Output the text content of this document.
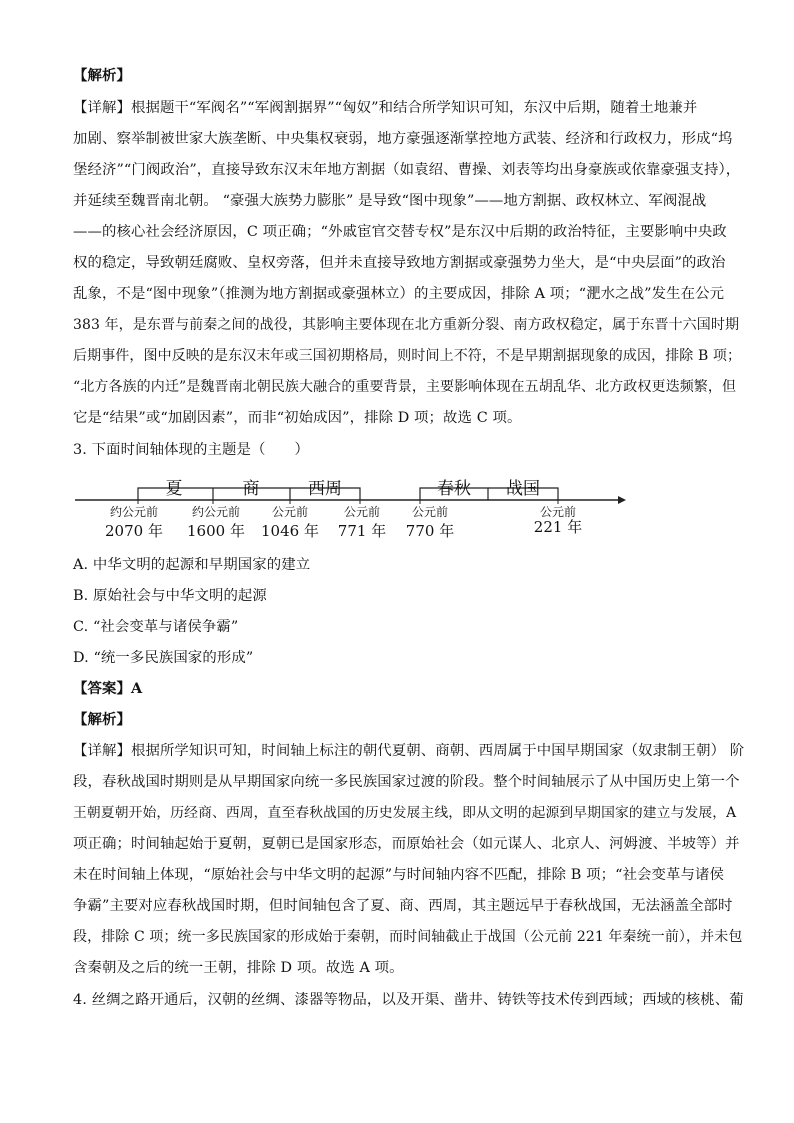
【解析】
【详解】根据题干“军阀名”“军阀割据界”“匈奴”和结合所学知识可知，东汉中后期，随着土地兼并
加剧、察举制被世家大族垄断、中央集权衰弱，地方豪强逐渐掌控地方武装、经济和行政权力，形成“坞
堡经济”“门阀政治”，直接导致东汉末年地方割据（如袁绍、曹操、刘表等均出身豪族或依靠豪强支持），
并延续至魏晋南北朝。 “豪强大族势力膨胀” 是导致“图中现象”——地方割据、政权林立、军阀混战
——的核心社会经济原因，C 项正确；“外戚宦官交替专权”是东汉中后期的政治特征，主要影响中央政
权的稳定，导致朝廷腐败、皇权旁落，但并未直接导致地方割据或豪强势力坐大，是“中央层面”的政治
乱象，不是“图中现象”（推测为地方割据或豪强林立）的主要成因，排除 A 项；“淝水之战”发生在公元
383 年，是东晋与前秦之间的战役，其影响主要体现在北方重新分裂、南方政权稳定，属于东晋十六国时期
后期事件，图中反映的是东汉末年或三国初期格局，则时间上不符，不是早期割据现象的成因，排除 B 项；
“北方各族的内迁”是魏晋南北朝民族大融合的重要背景，主要影响体现在五胡乱华、北方政权更迭频繁，但
它是“结果”或“加剧因素”，而非“初始成因”，排除 D 项；故选 C 项。
3. 下面时间轴体现的主题是（　　）
夏	商	西周	春秋 战国
约公元前
2070 年
约公元前
1600 年
公元前
1046 年
公元前
771 年
公元前
770 年
公元前
221 年
A. 中华文明的起源和早期国家的建立
B. 原始社会与中华文明的起源
C. “社会变革与诸侯争霸”
D. “统一多民族国家的形成”
【答案】A
【解析】
【详解】根据所学知识可知，时间轴上标注的朝代夏朝、商朝、西周属于中国早期国家（奴隶制王朝） 阶
段，春秋战国时期则是从早期国家向统一多民族国家过渡的阶段。整个时间轴展示了从中国历史上第一个
王朝夏朝开始，历经商、西周，直至春秋战国的历史发展主线，即从文明的起源到早期国家的建立与发展，A
项正确；时间轴起始于夏朝，夏朝已是国家形态，而原始社会（如元谋人、北京人、河姆渡、半坡等）并
未在时间轴上体现，“原始社会与中华文明的起源”与时间轴内容不匹配，排除 B 项；“社会变革与诸侯
争霸”主要对应春秋战国时期，但时间轴包含了夏、商、西周，其主题远早于春秋战国，无法涵盖全部时
段，排除 C 项；统一多民族国家的形成始于秦朝，而时间轴截止于战国（公元前 221 年秦统一前），并未包
含秦朝及之后的统一王朝，排除 D 项。故选 A 项。
4. 丝绸之路开通后，汉朝的丝绸、漆器等物品，以及开渠、凿井、铸铁等技术传到西域；西域的核桃、葡
